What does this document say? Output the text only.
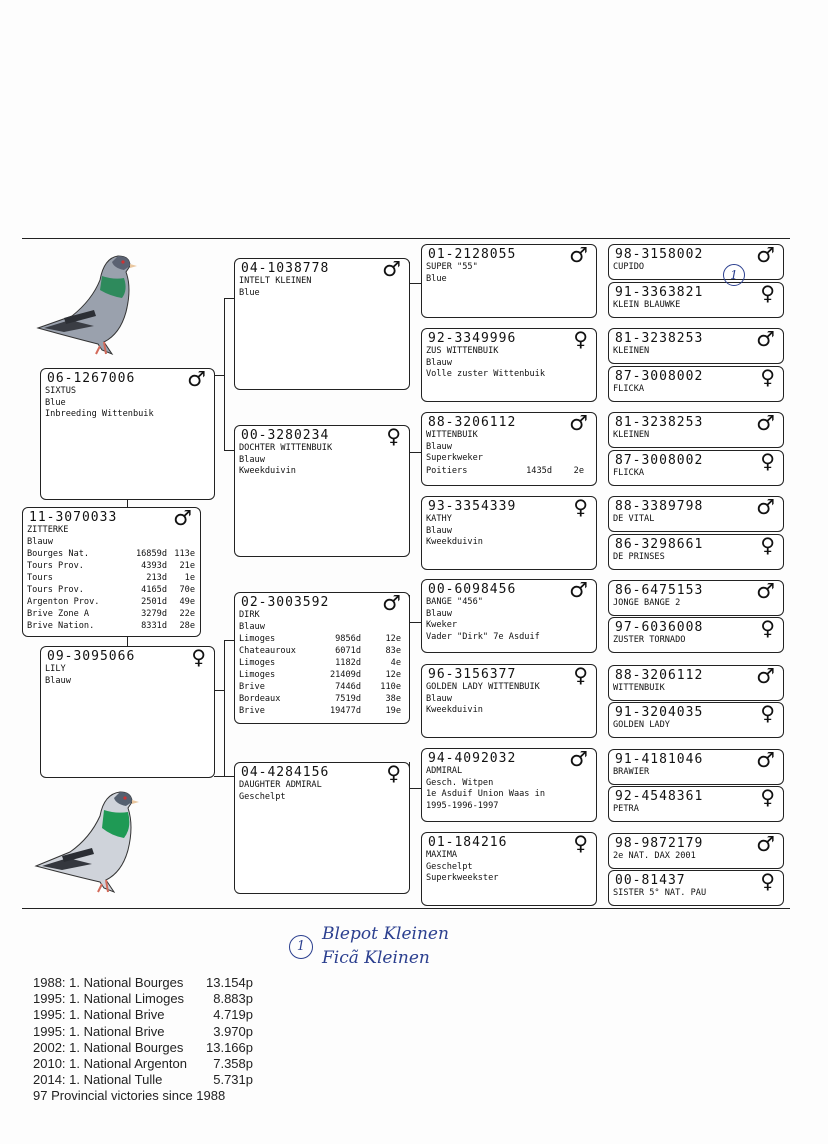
11-3070033	♂
ZITTERKE
Blauw
Bourges Nat.	16859d 113e
Tours Prov.	4393d	21e
Tours	213d	1e
Tours Prov.	4165d	70e
Argenton Prov.	2501d	49e
Brive Zone A	3279d	22e
Brive Nation.	8331d	28e
06-1267006	♂
SIXTUS
Blue
Inbreeding Wittenbuik
09-3095066	♀
LILY
Blauw
04-1038778	♂
INTELT KLEINEN
Blue
00-3280234	♀
DOCHTER WITTENBUIK
Blauw
Kweekduivin
02-3003592	♂
DIRK
Blauw
Limoges	9856d	12e
Chateauroux	6071d	83e
Limoges	1182d	4e
Limoges	21409d	12e
Brive	7446d	110e
Bordeaux	7519d	38e
Brive	19477d	19e
04-4284156	♀
DAUGHTER ADMIRAL
Geschelpt
01-2128055	♂
SUPER "55"
Blue
92-3349996	♀
ZUS WITTENBUIK
Blauw
Volle zuster Wittenbuik
88-3206112	♂
WITTENBUIK
Blauw
Superkweker
Poitiers	1435d	2e
93-3354339	♀
KATHY
Blauw
Kweekduivin
00-6098456	♂
BANGE "456"
Blauw
Kweker
Vader "Dirk" 7e Asduif
96-3156377	♀
GOLDEN LADY WITTENBUIK
Blauw
Kweekduivin
94-4092032	♂
ADMIRAL
Gesch. Witpen
1e Asduif Union Waas in
1995-1996-1997
01-184216	♀
MAXIMA
Geschelpt
Superkweekster
98-3158002	♂
CUPIDO
91-3363821	♀
KLEIN BLAUWKE
81-3238253	♂
KLEINEN
87-3008002	♀
FLICKA
81-3238253	♂
KLEINEN
87-3008002	♀
FLICKA
88-3389798	♂
DE VITAL
86-3298661	♀
DE PRINSES
86-6475153	♂
JONGE BANGE 2
97-6036008	♀
ZUSTER TORNADO
88-3206112	♂
WITTENBUIK
91-3204035	♀
GOLDEN LADY
91-4181046	♂
BRAWIER
92-4548361	♀
PETRA
98-9872179	♂
2e NAT. DAX 2001
00-81437	♀
SISTER 5° NAT. PAU
1
1
Blepot Kleinen
Ficã Kleinen
1988: 1. National Bourges	13.154p
1995: 1. National Limoges	8.883p
1995: 1. National Brive	4.719p
1995: 1. National Brive	3.970p
2002: 1. National Bourges	13.166p
2010: 1. National Argenton	7.358p
2014: 1. National Tulle	5.731p
97 Provincial victories since 1988
